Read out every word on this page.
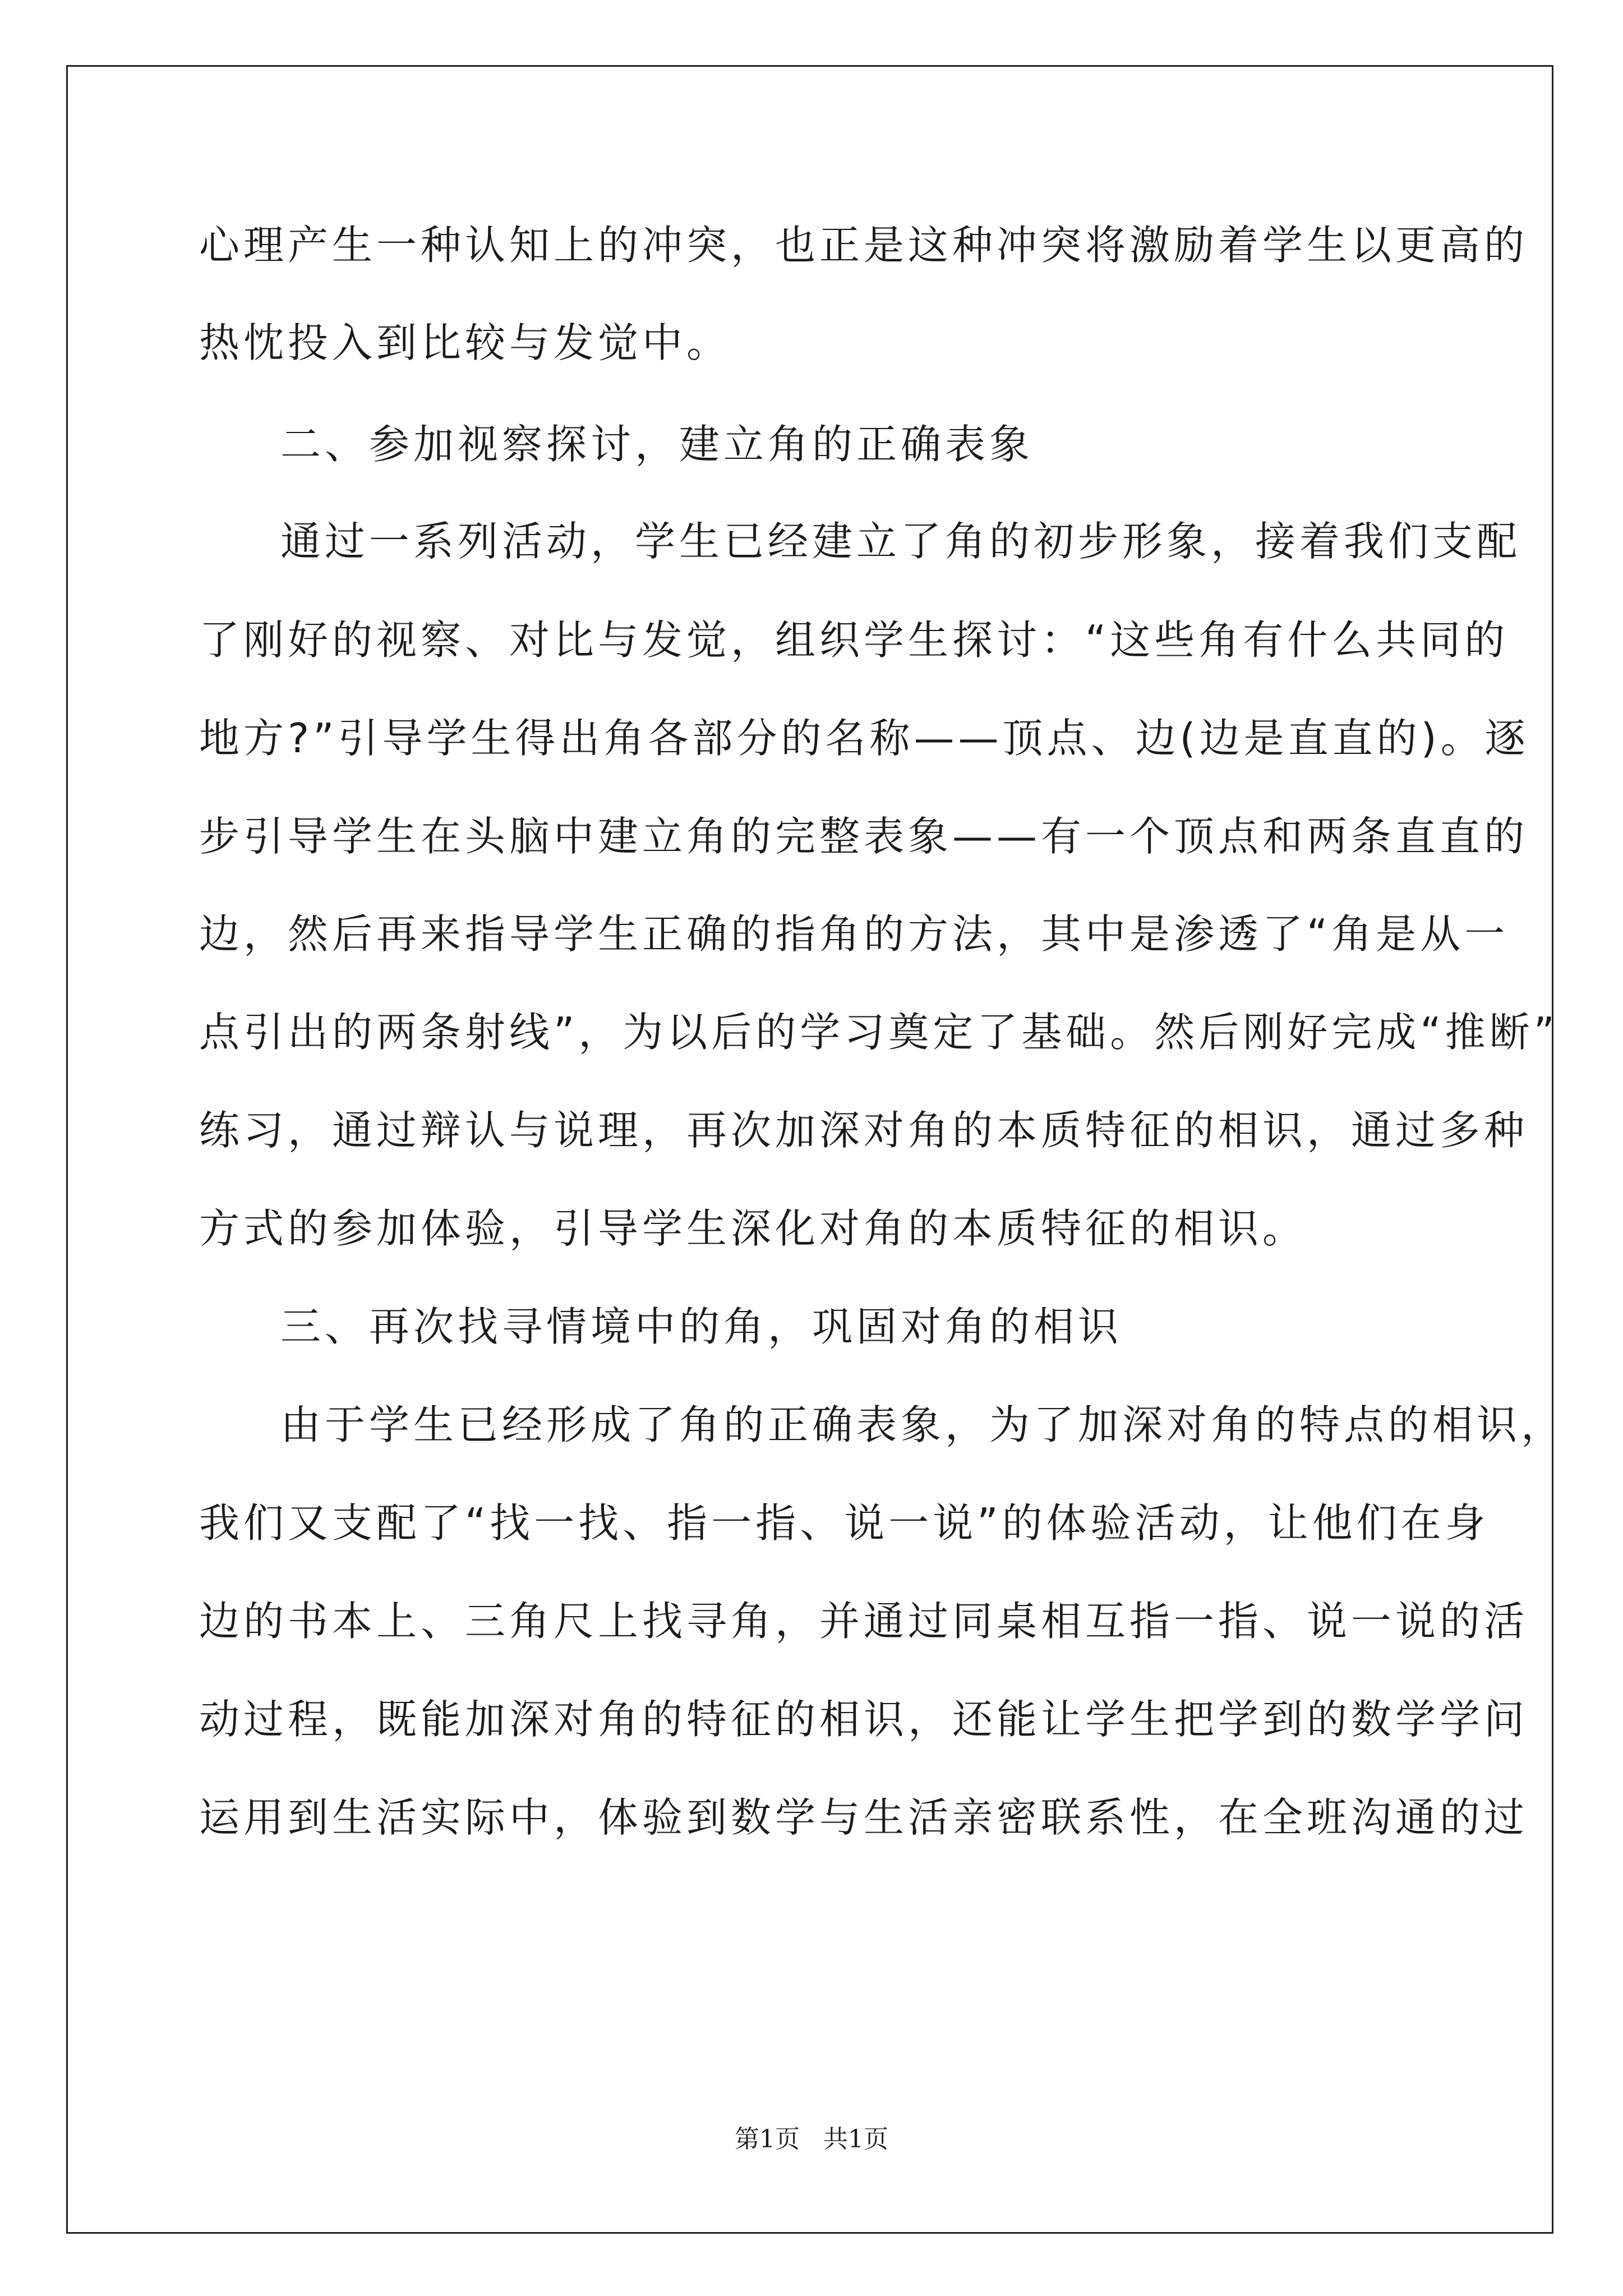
心理产生一种认知上的冲突，也正是这种冲突将激励着学生以更高的
热忱投入到比较与发觉中。
二、参加视察探讨，建立角的正确表象
通过一系列活动，学生已经建立了角的初步形象，接着我们支配
了刚好的视察、对比与发觉，组织学生探讨：“这些角有什么共同的
地方?”引导学生得出角各部分的名称——顶点、边(边是直直的)。逐
步引导学生在头脑中建立角的完整表象——有一个顶点和两条直直的
边，然后再来指导学生正确的指角的方法，其中是渗透了“角是从一
点引出的两条射线”，为以后的学习奠定了基础。然后刚好完成“推断”
练习，通过辩认与说理，再次加深对角的本质特征的相识，通过多种
方式的参加体验，引导学生深化对角的本质特征的相识。
三、再次找寻情境中的角，巩固对角的相识
由于学生已经形成了角的正确表象，为了加深对角的特点的相识，
我们又支配了“找一找、指一指、说一说”的体验活动，让他们在身
边的书本上、三角尺上找寻角，并通过同桌相互指一指、说一说的活
动过程，既能加深对角的特征的相识，还能让学生把学到的数学学问
运用到生活实际中，体验到数学与生活亲密联系性，在全班沟通的过
第1页   共1页
